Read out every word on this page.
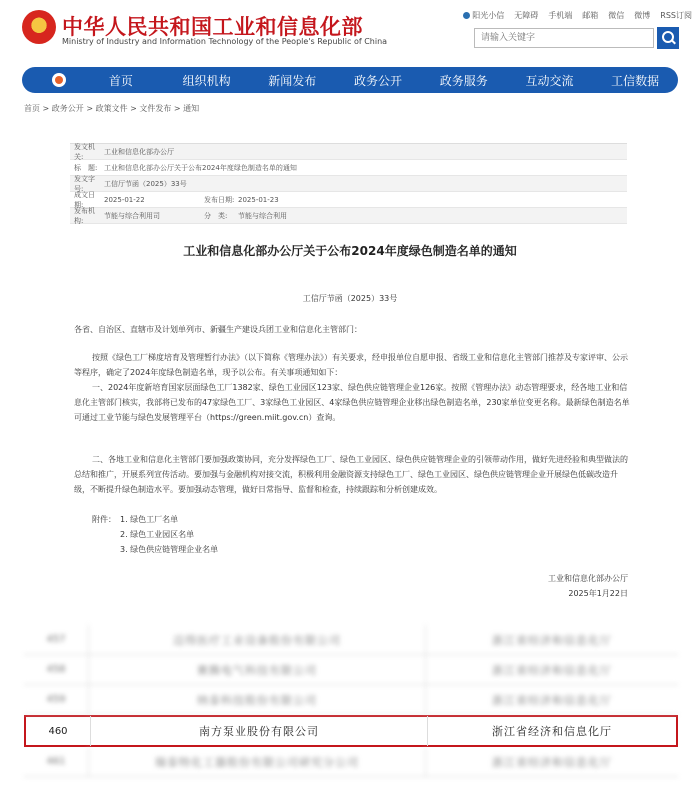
中华人民共和国工业和信息化部
Ministry of Industry and Information Technology of the People's Republic of China
阳光小信 无障碍 手机端 邮箱 微信 微博 RSS订阅
请输入关键字
首页	组织机构	新闻发布	政务公开	政务服务	互动交流	工信数据
首页 > 政务公开 > 政策文件 > 文件发布 > 通知
发文机关:
工业和信息化部办公厅
标　题: 工业和信息化部办公厅关于公布2024年度绿色制造名单的通知
发文字号:
工信厅节函（2025）33号
成文日期:
2025-01-22	发布日期: 2025-01-23
发布机构:
节能与综合利用司	分　类:	节能与综合利用
工业和信息化部办公厅关于公布2024年度绿色制造名单的通知
工信厅节函（2025）33号
各省、自治区、直辖市及计划单列市、新疆生产建设兵团工业和信息化主管部门：
按照《绿色工厂梯度培育及管理暂行办法》（以下简称《管理办法》）有关要求，经申报单位自愿申报、省级工业和信息化主管部门推荐及专家评审、公示等程序，确定了2024年度绿色制造名单，现予以公布。有关事项通知如下：
一、2024年度新培育国家层面绿色工厂1382家、绿色工业园区123家、绿色供应链管理企业126家。按照《管理办法》动态管理要求，经各地工业和信息化主管部门核实，我部将已发布的47家绿色工厂、3家绿色工业园区、4家绿色供应链管理企业移出绿色制造名单，230家单位变更名称。最新绿色制造名单可通过工业节能与绿色发展管理平台（https://green.miit.gov.cn）查询。
二、各地工业和信息化主管部门要加强政策协同，充分发挥绿色工厂、绿色工业园区、绿色供应链管理企业的引领带动作用，做好先进经验和典型做法的总结和推广，开展系列宣传活动。要加强与金融机构对接交流，积极利用金融资源支持绿色工厂、绿色工业园区、绿色供应链管理企业开展绿色低碳改造升级，不断提升绿色制造水平。要加强动态管理，做好日常指导、监督和检查，持续跟踪和分析创建成效。
附件： 1. 绿色工厂名单
2. 绿色工业园区名单
3. 绿色供应链管理企业名单
工业和信息化部办公厅
2025年1月22日
457	迈得医疗工业设备股份有限公司	浙江省经济和信息化厅
458	赛腾电气科技有限公司	浙江省经济和信息化厅
459	纳泰科技股份有限公司	浙江省经济和信息化厅
460	南方泵业股份有限公司	浙江省经济和信息化厅
461	瑞泰特化工器股份有限公司研究分公司	浙江省经济和信息化厅
